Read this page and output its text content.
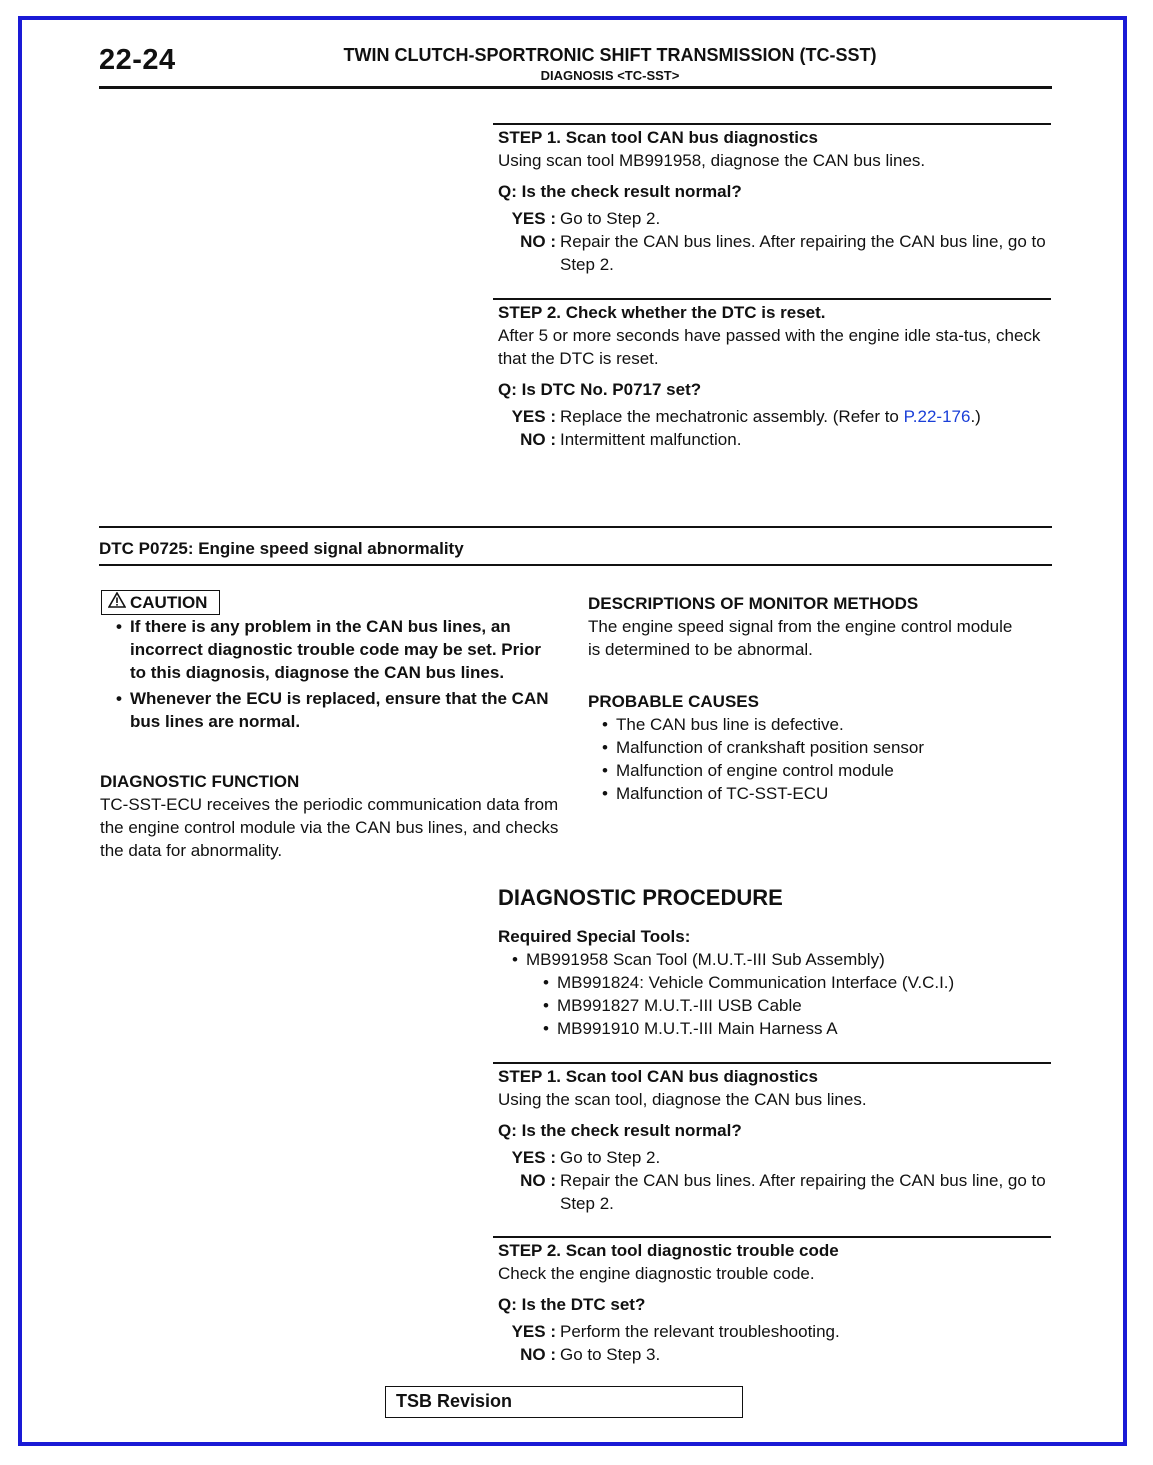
22-24	TWIN CLUTCH-SPORTRONIC SHIFT TRANSMISSION (TC-SST)
DIAGNOSIS <TC-SST>
STEP 1. Scan tool CAN bus diagnostics
Using scan tool MB991958, diagnose the CAN bus lines.
Q: Is the check result normal?
YES : Go to Step 2.
NO : Repair the CAN bus lines. After repairing the CAN bus line, go to Step 2.
STEP 2. Check whether the DTC is reset.
After 5 or more seconds have passed with the engine idle sta-tus, check that the DTC is reset.
Q: Is DTC No. P0717 set?
YES : Replace the mechatronic assembly. (Refer to P.22-176.)
NO : Intermittent malfunction.
DTC P0725: Engine speed signal abnormality
CAUTION
• If there is any problem in the CAN bus lines, an incorrect diagnostic trouble code may be set. Prior to this diagnosis, diagnose the CAN bus lines.
• Whenever the ECU is replaced, ensure that the CAN bus lines are normal.
DIAGNOSTIC FUNCTION
TC-SST-ECU receives the periodic communication data from the engine control module via the CAN bus lines, and checks the data for abnormality.
DESCRIPTIONS OF MONITOR METHODS
The engine speed signal from the engine control module is determined to be abnormal.
PROBABLE CAUSES
• The CAN bus line is defective.
• Malfunction of crankshaft position sensor
• Malfunction of engine control module
• Malfunction of TC-SST-ECU
DIAGNOSTIC PROCEDURE
Required Special Tools:
• MB991958 Scan Tool (M.U.T.-III Sub Assembly)
• MB991824: Vehicle Communication Interface (V.C.I.)
• MB991827 M.U.T.-III USB Cable
• MB991910 M.U.T.-III Main Harness A
STEP 1. Scan tool CAN bus diagnostics
Using the scan tool, diagnose the CAN bus lines.
Q: Is the check result normal?
YES : Go to Step 2.
NO : Repair the CAN bus lines. After repairing the CAN bus line, go to Step 2.
STEP 2. Scan tool diagnostic trouble code
Check the engine diagnostic trouble code.
Q: Is the DTC set?
YES : Perform the relevant troubleshooting.
NO : Go to Step 3.
TSB Revision
